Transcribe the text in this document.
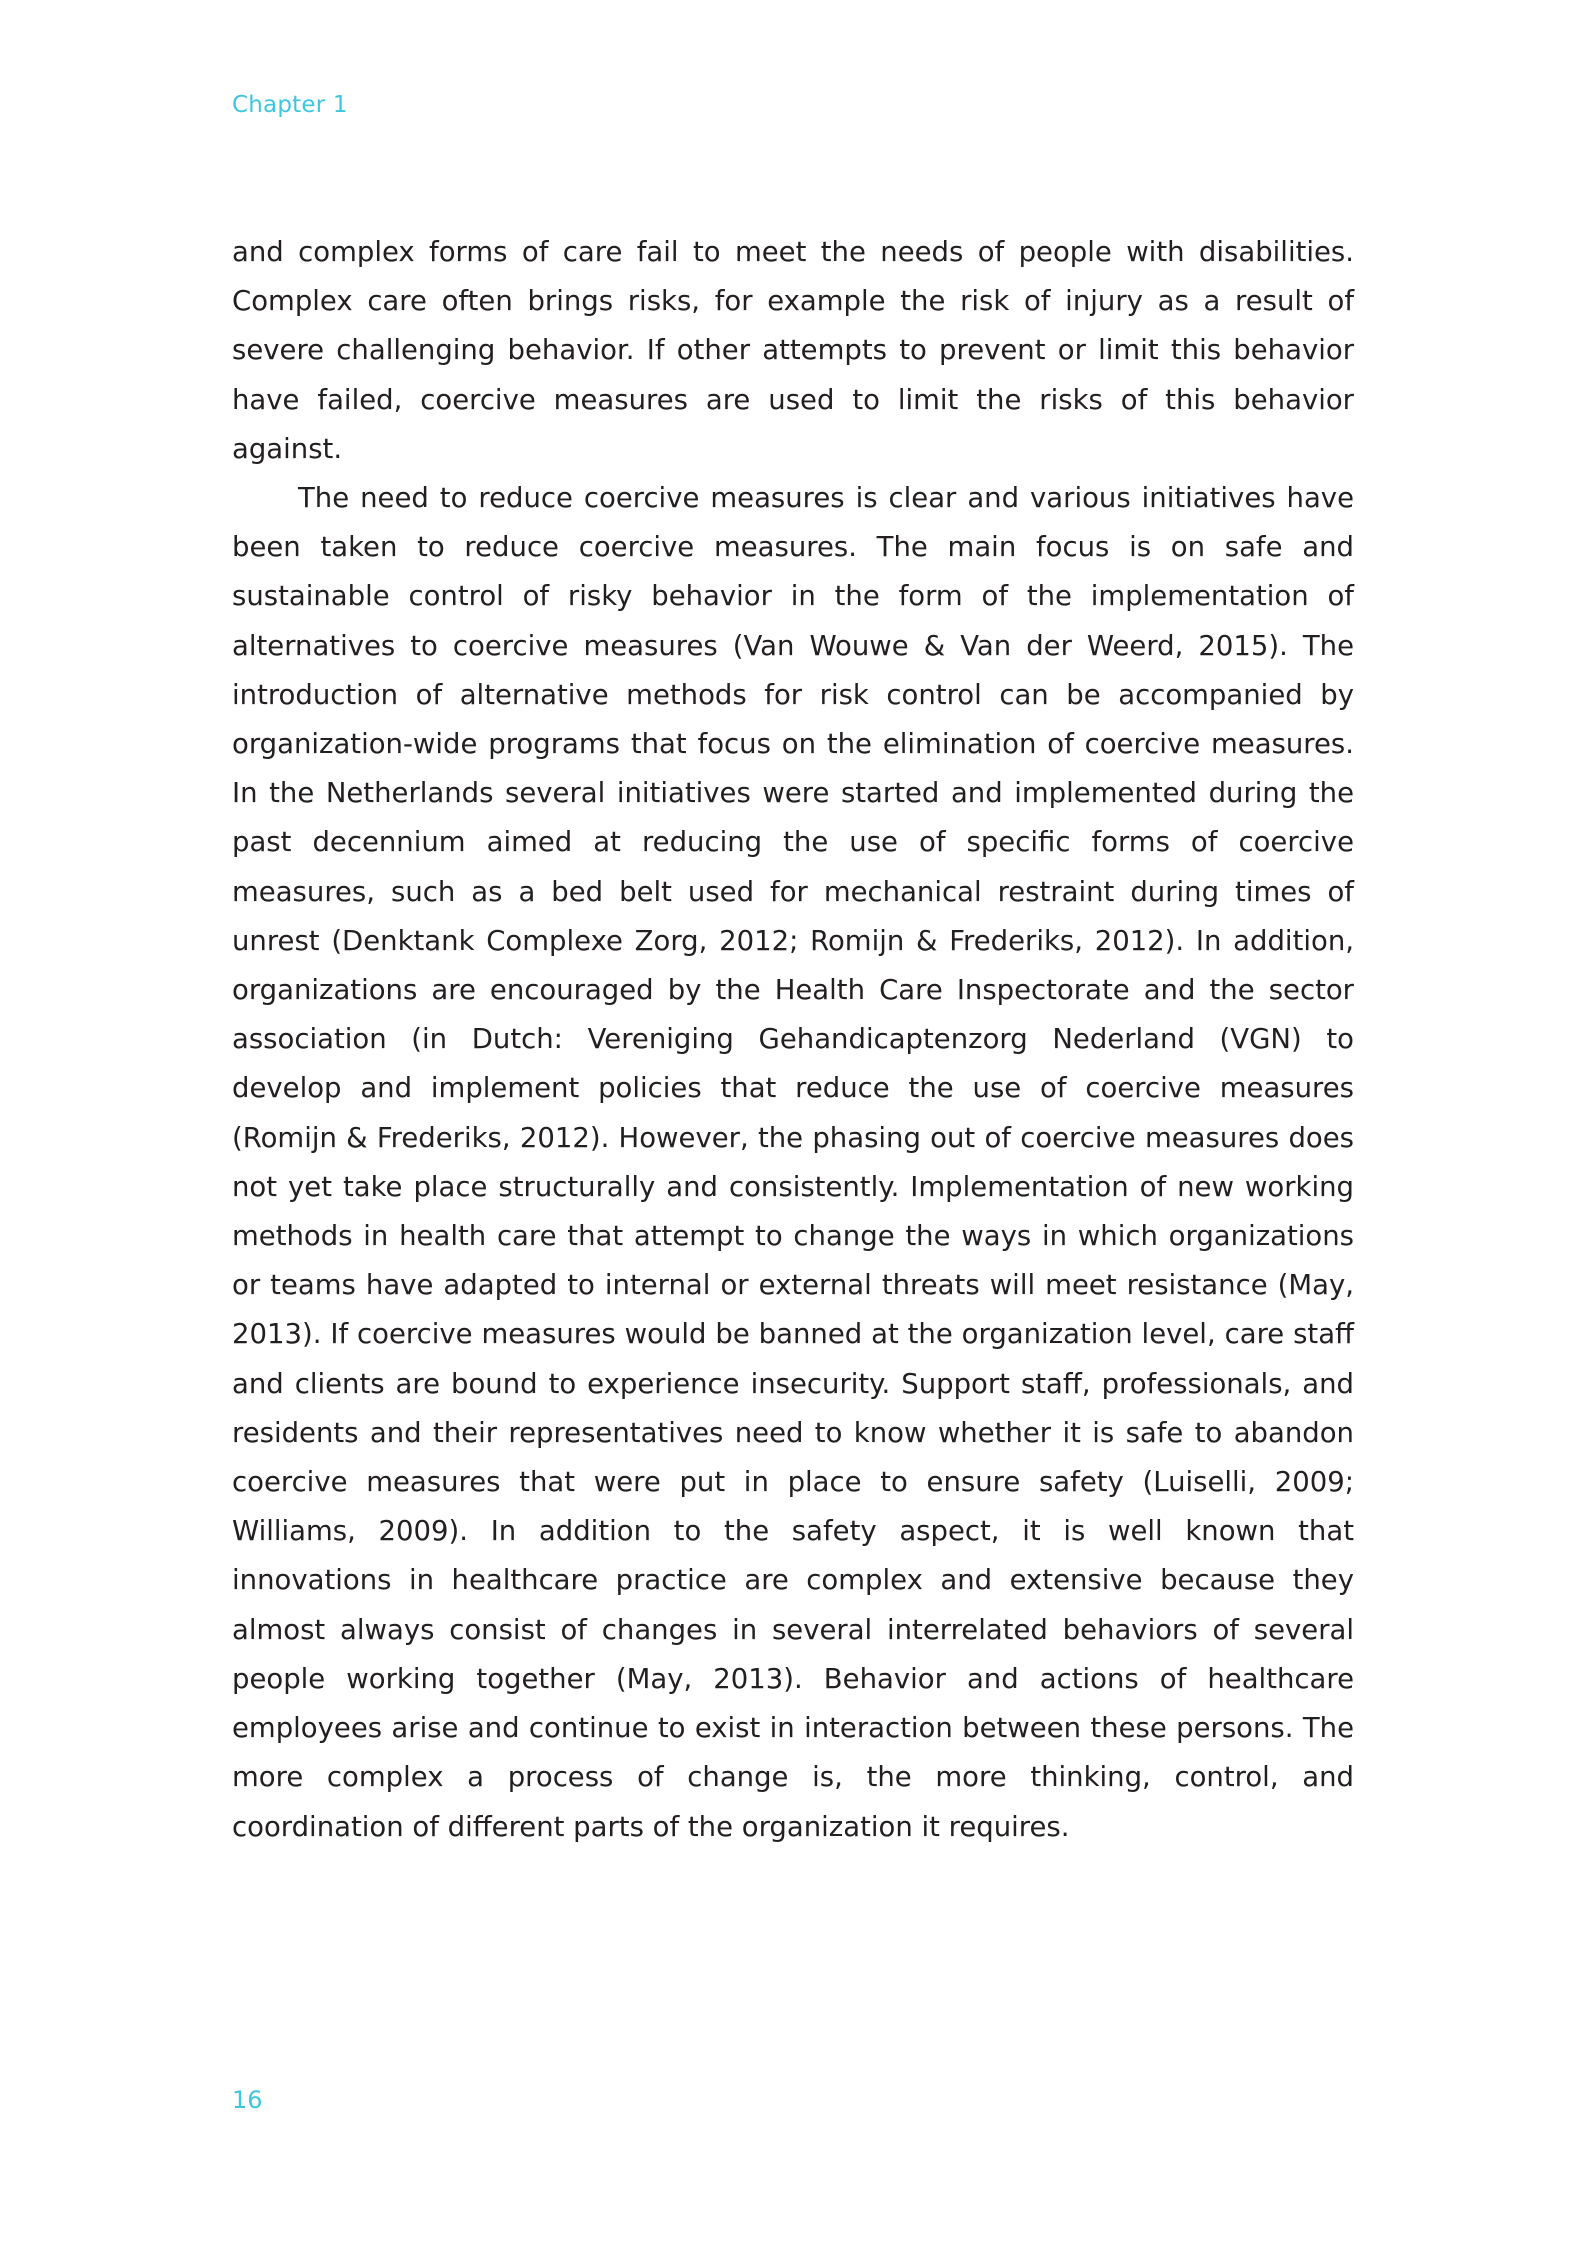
Chapter 1

and complex forms of care fail to meet the needs of people with disabilities. Complex care often brings risks, for example the risk of injury as a result of severe challenging behavior. If other attempts to prevent or limit this behavior have failed, coercive measures are used to limit the risks of this behavior against.

The need to reduce coercive measures is clear and various initiatives have been taken to reduce coercive measures. The main focus is on safe and sustainable control of risky behavior in the form of the implementation of alternatives to coercive measures (Van Wouwe & Van der Weerd, 2015). The introduction of alternative methods for risk control can be accompanied by organization-wide programs that focus on the elimination of coercive measures. In the Netherlands several initiatives were started and implemented during the past decennium aimed at reducing the use of specific forms of coercive measures, such as a bed belt used for mechanical restraint during times of unrest (Denktank Complexe Zorg, 2012; Romijn & Frederiks, 2012). In addition, organizations are encouraged by the Health Care Inspectorate and the sector association (in Dutch: Vereniging Gehandicaptenzorg Nederland (VGN) to develop and implement policies that reduce the use of coercive measures (Romijn & Frederiks, 2012). However, the phasing out of coercive measures does not yet take place structurally and consistently. Implementation of new working methods in health care that attempt to change the ways in which organizations or teams have adapted to internal or external threats will meet resistance (May, 2013). If coercive measures would be banned at the organization level, care staff and clients are bound to experience insecurity. Support staff, professionals, and residents and their representatives need to know whether it is safe to abandon coercive measures that were put in place to ensure safety (Luiselli, 2009; Williams, 2009). In addition to the safety aspect, it is well known that innovations in healthcare practice are complex and extensive because they almost always consist of changes in several interrelated behaviors of several people working together (May, 2013). Behavior and actions of healthcare employees arise and continue to exist in interaction between these persons. The more complex a process of change is, the more thinking, control, and coordination of different parts of the organization it requires.

16
